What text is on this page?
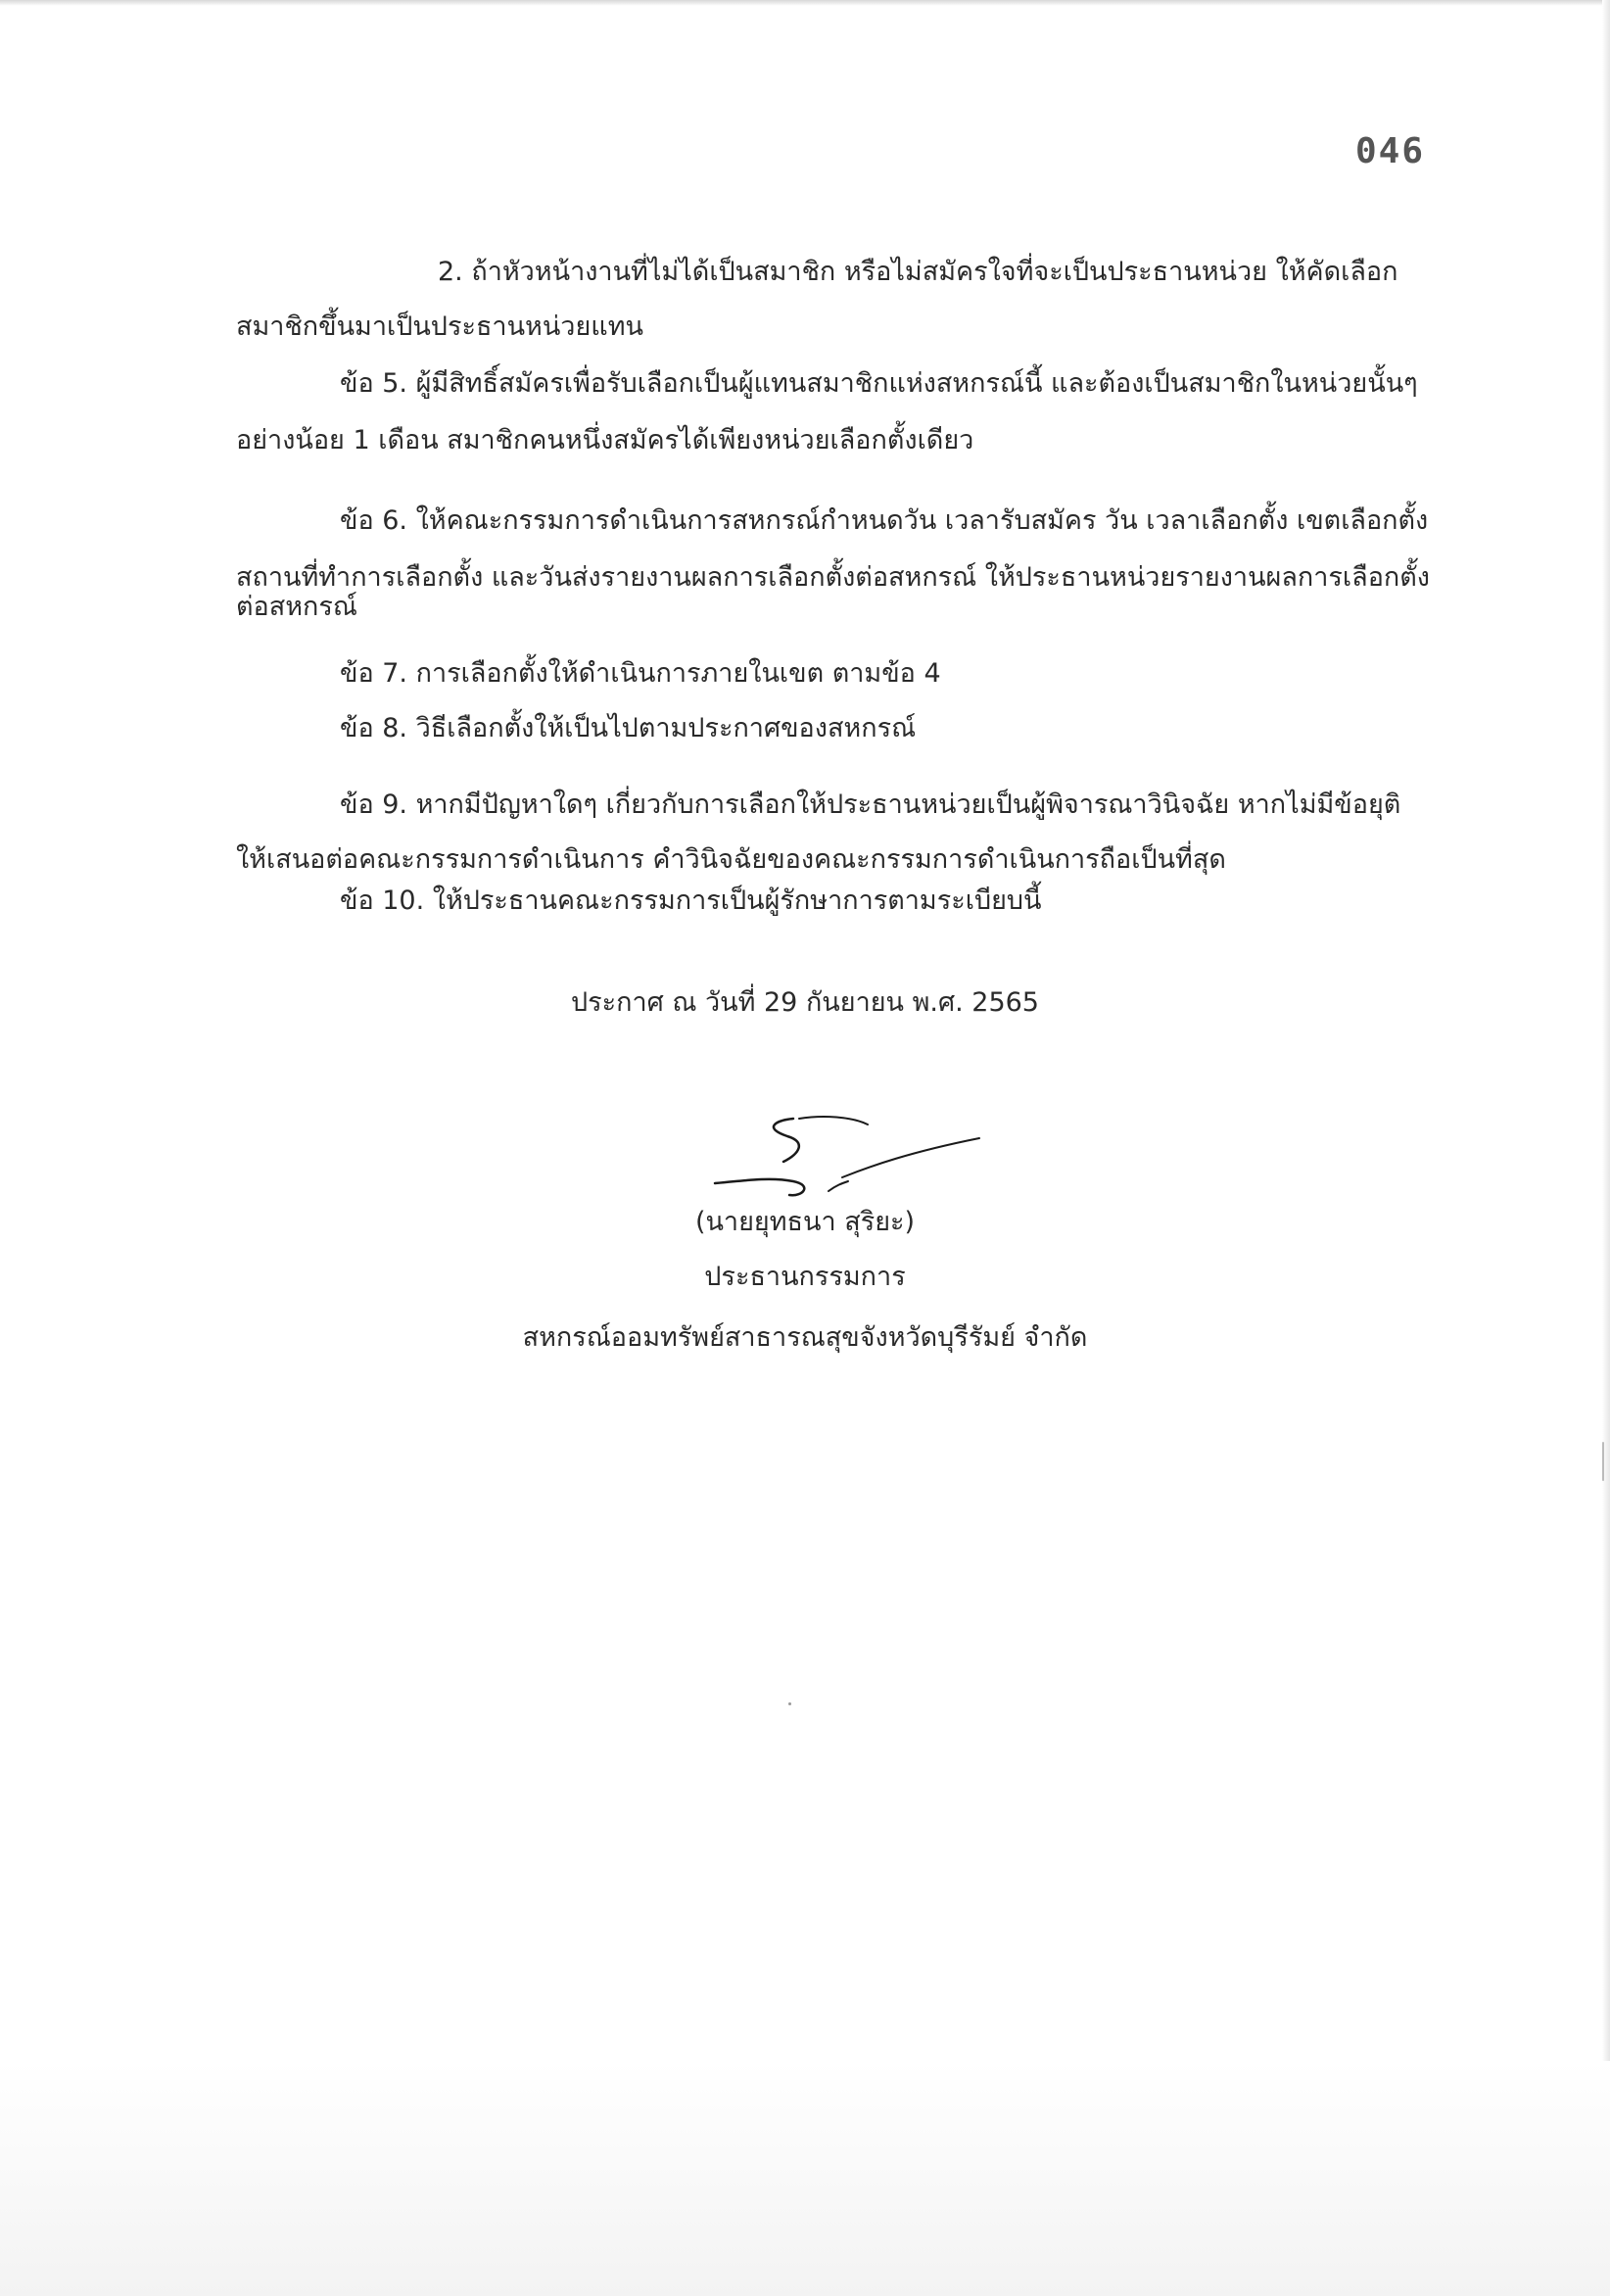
046
2. ถ้าหัวหน้างานที่ไม่ได้เป็นสมาชิก หรือไม่สมัครใจที่จะเป็นประธานหน่วย ให้คัดเลือก
สมาชิกขึ้นมาเป็นประธานหน่วยแทน
ข้อ 5. ผู้มีสิทธิ์สมัครเพื่อรับเลือกเป็นผู้แทนสมาชิกแห่งสหกรณ์นี้ และต้องเป็นสมาชิกในหน่วยนั้นๆ
อย่างน้อย 1 เดือน สมาชิกคนหนึ่งสมัครได้เพียงหน่วยเลือกตั้งเดียว
ข้อ 6. ให้คณะกรรมการดำเนินการสหกรณ์กำหนดวัน เวลารับสมัคร วัน เวลาเลือกตั้ง เขตเลือกตั้ง
สถานที่ทำการเลือกตั้ง และวันส่งรายงานผลการเลือกตั้งต่อสหกรณ์ ให้ประธานหน่วยรายงานผลการเลือกตั้ง
ต่อสหกรณ์
ข้อ 7. การเลือกตั้งให้ดำเนินการภายในเขต ตามข้อ 4
ข้อ 8. วิธีเลือกตั้งให้เป็นไปตามประกาศของสหกรณ์
ข้อ 9. หากมีปัญหาใดๆ เกี่ยวกับการเลือกให้ประธานหน่วยเป็นผู้พิจารณาวินิจฉัย หากไม่มีข้อยุติ
ให้เสนอต่อคณะกรรมการดำเนินการ คำวินิจฉัยของคณะกรรมการดำเนินการถือเป็นที่สุด
ข้อ 10. ให้ประธานคณะกรรมการเป็นผู้รักษาการตามระเบียบนี้
ประกาศ ณ วันที่ 29 กันยายน พ.ศ. 2565
(นายยุทธนา สุริยะ)
ประธานกรรมการ
สหกรณ์ออมทรัพย์สาธารณสุขจังหวัดบุรีรัมย์ จำกัด
